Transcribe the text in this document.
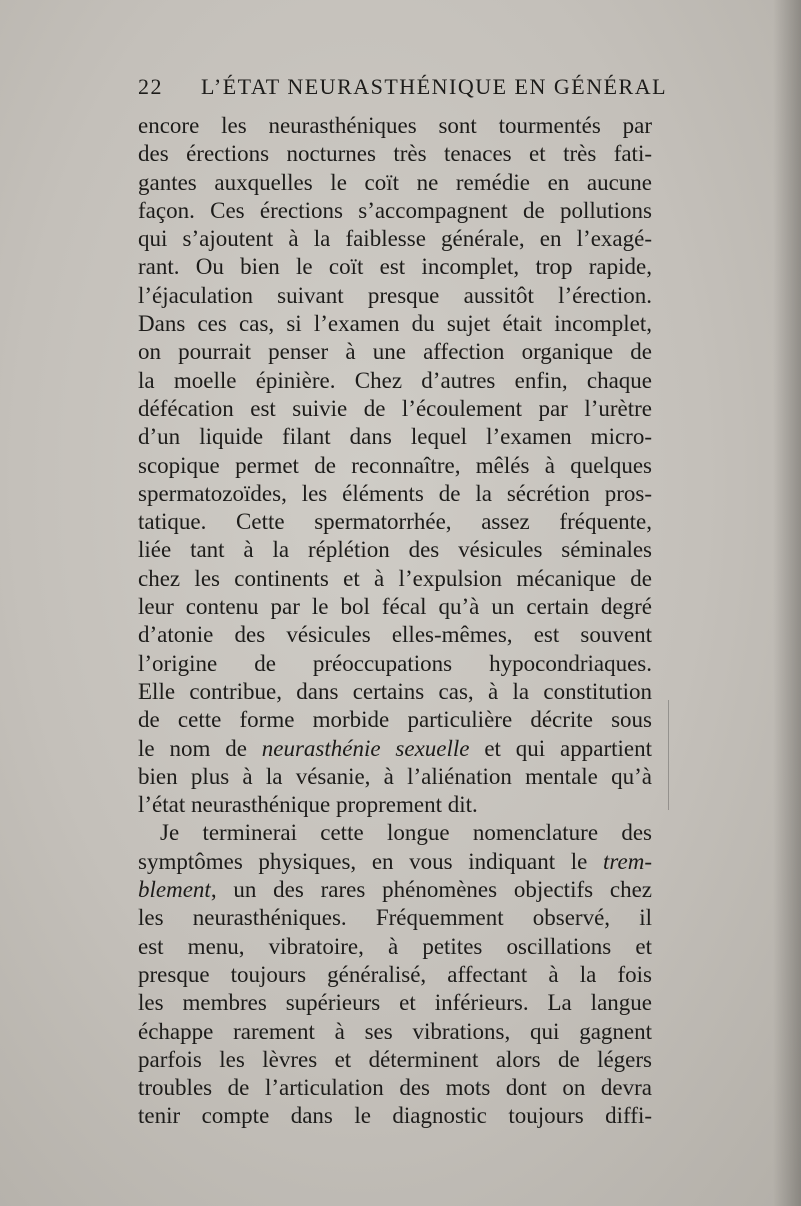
22 L’ÉTAT NEURASTHÉNIQUE EN GÉNÉRAL
encore les neurasthéniques sont tourmentés par
des érections nocturnes très tenaces et très fati-
gantes auxquelles le coït ne remédie en aucune
façon. Ces érections s’accompagnent de pollutions
qui s’ajoutent à la faiblesse générale, en l’exagé-
rant. Ou bien le coït est incomplet, trop rapide,
l’éjaculation suivant presque aussitôt l’érection.
Dans ces cas, si l’examen du sujet était incomplet,
on pourrait penser à une affection organique de
la moelle épinière. Chez d’autres enfin, chaque
défécation est suivie de l’écoulement par l’urètre
d’un liquide filant dans lequel l’examen micro-
scopique permet de reconnaître, mêlés à quelques
spermatozoïdes, les éléments de la sécrétion pros-
tatique. Cette spermatorrhée, assez fréquente,
liée tant à la réplétion des vésicules séminales
chez les continents et à l’expulsion mécanique de
leur contenu par le bol fécal qu’à un certain degré
d’atonie des vésicules elles-mêmes, est souvent
l’origine de préoccupations hypocondriaques.
Elle contribue, dans certains cas, à la constitution
de cette forme morbide particulière décrite sous
le nom de neurasthénie sexuelle et qui appartient
bien plus à la vésanie, à l’aliénation mentale qu’à
l’état neurasthénique proprement dit.
Je terminerai cette longue nomenclature des
symptômes physiques, en vous indiquant le trem-
blement, un des rares phénomènes objectifs chez
les neurasthéniques. Fréquemment observé, il
est menu, vibratoire, à petites oscillations et
presque toujours généralisé, affectant à la fois
les membres supérieurs et inférieurs. La langue
échappe rarement à ses vibrations, qui gagnent
parfois les lèvres et déterminent alors de légers
troubles de l’articulation des mots dont on devra
tenir compte dans le diagnostic toujours diffi-
